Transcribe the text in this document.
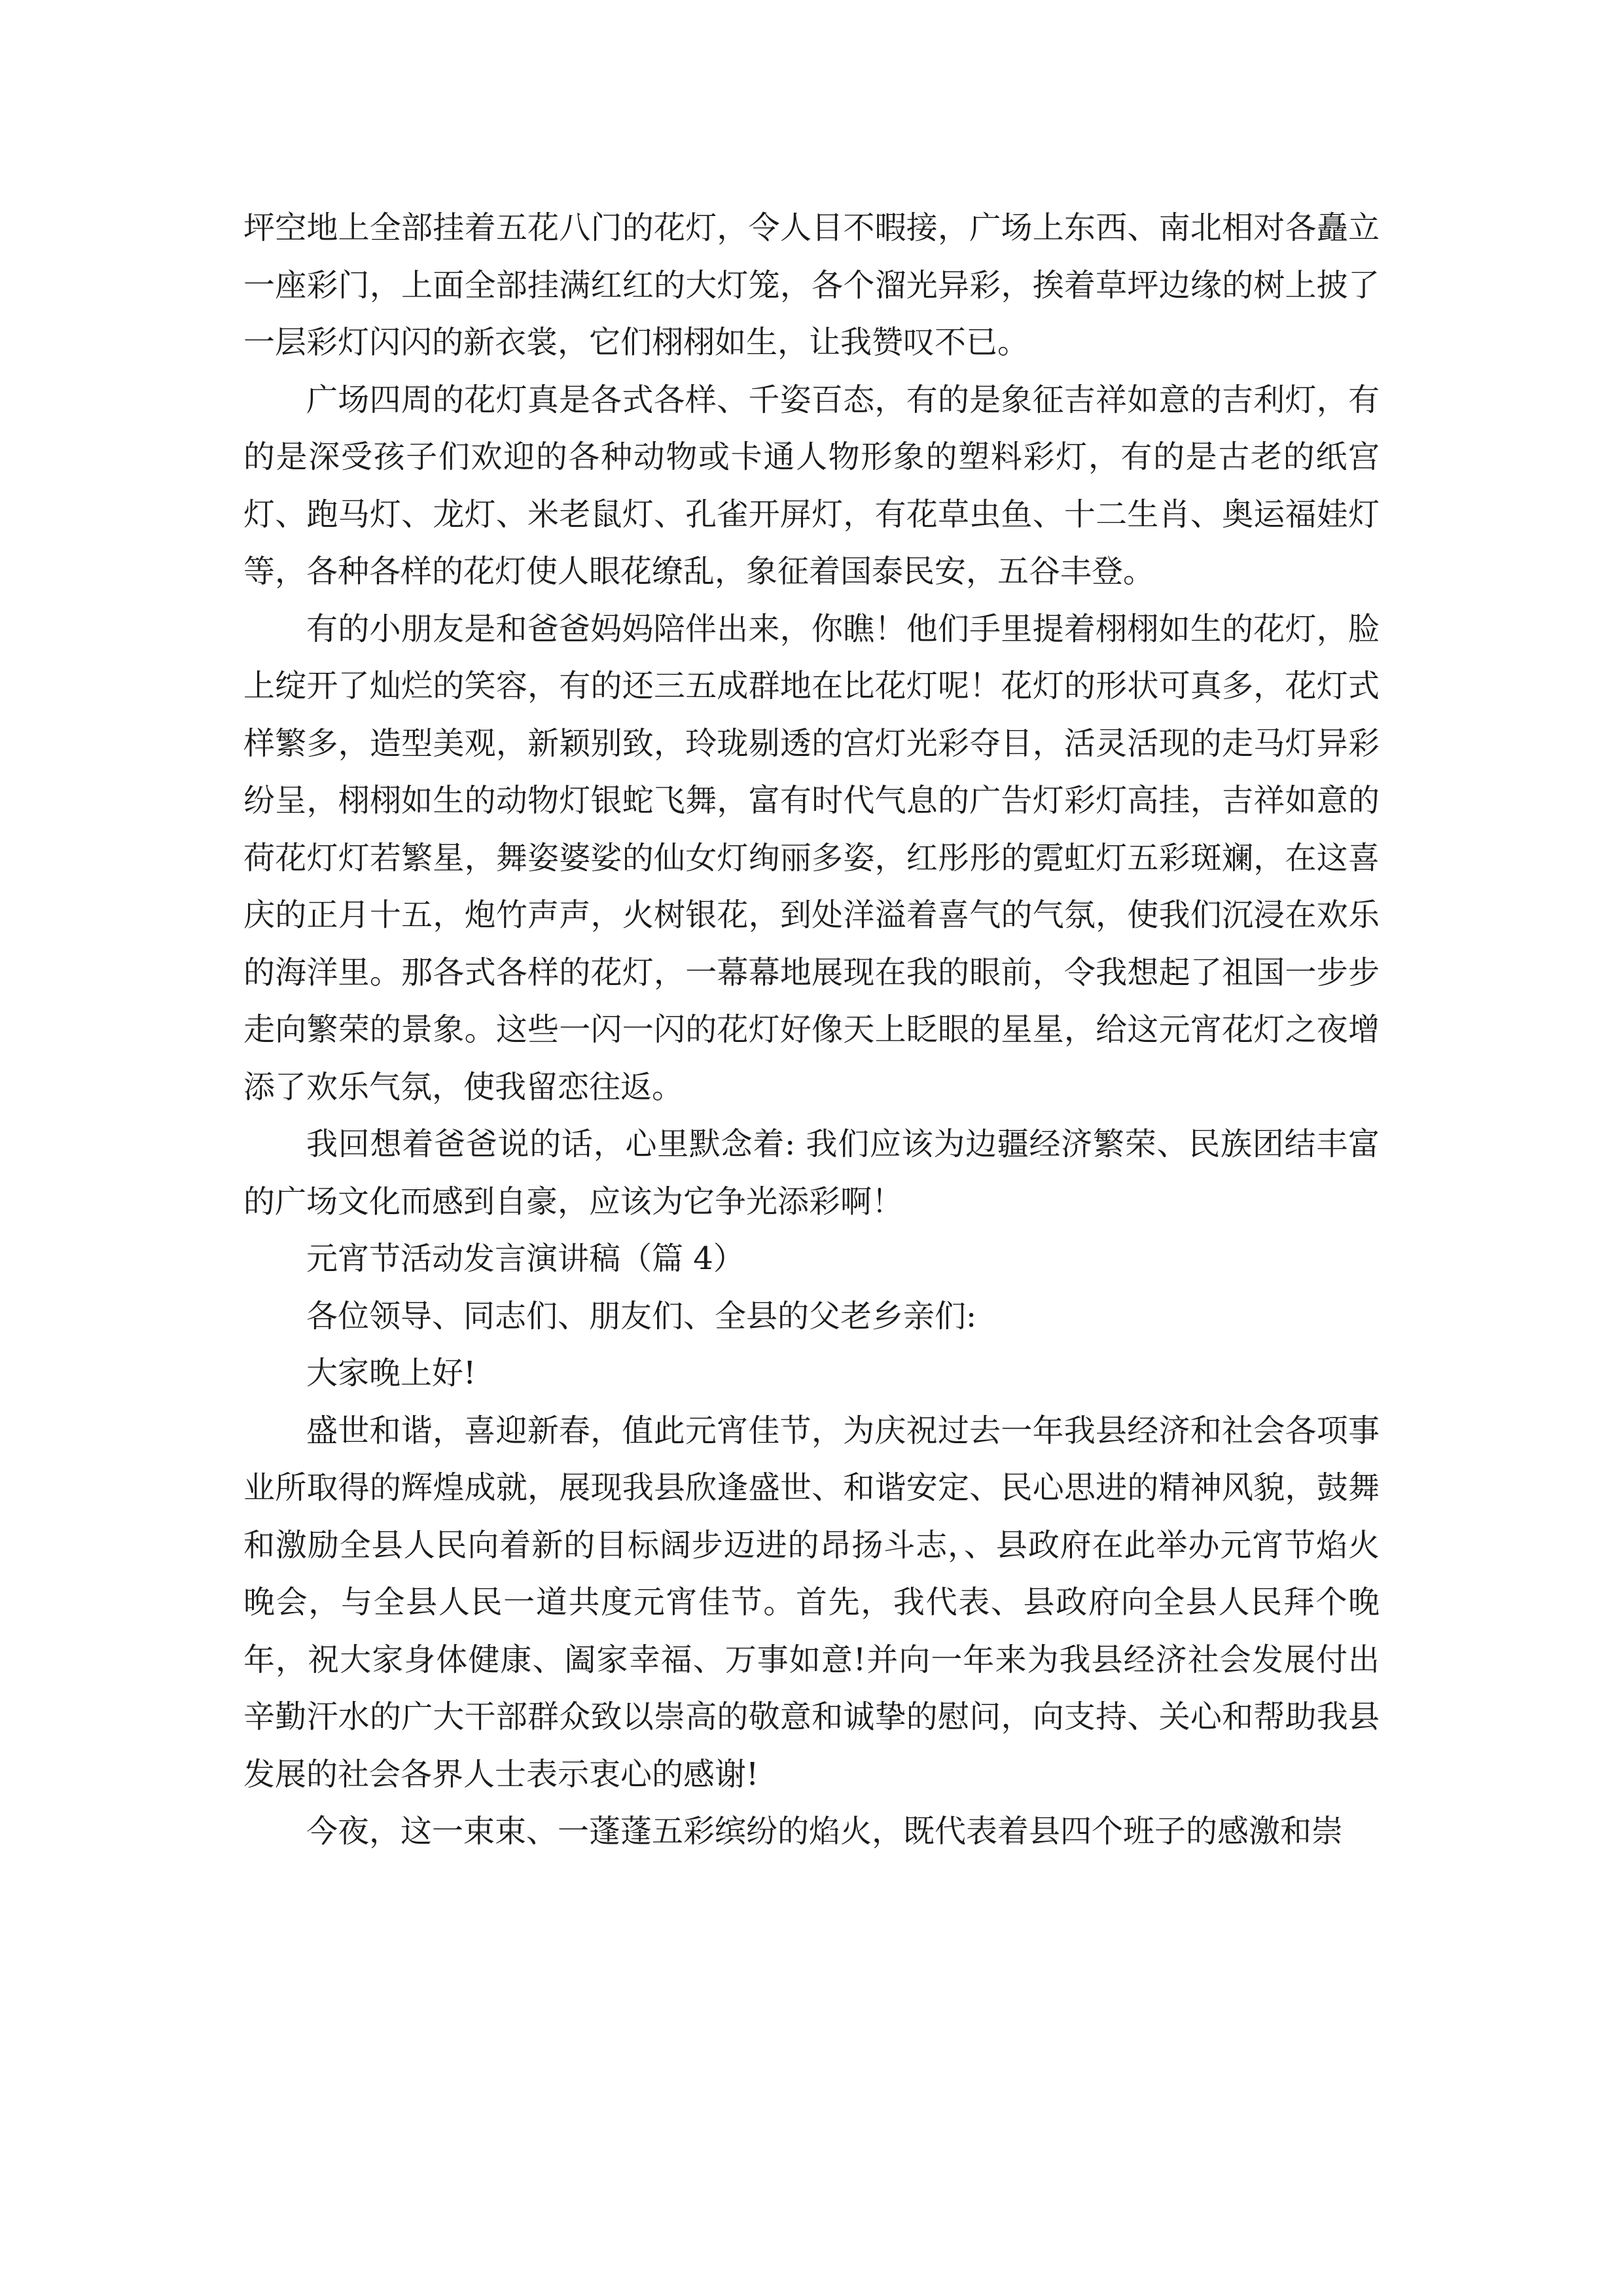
坪空地上全部挂着五花八门的花灯，令人目不暇接，广场上东西、南北相对各矗立一座彩门，上面全部挂满红红的大灯笼，各个溜光异彩，挨着草坪边缘的树上披了一层彩灯闪闪的新衣裳，它们栩栩如生，让我赞叹不已。

广场四周的花灯真是各式各样、千姿百态，有的是象征吉祥如意的吉利灯，有的是深受孩子们欢迎的各种动物或卡通人物形象的塑料彩灯，有的是古老的纸宫灯、跑马灯、龙灯、米老鼠灯、孔雀开屏灯，有花草虫鱼、十二生肖、奥运福娃灯等，各种各样的花灯使人眼花缭乱，象征着国泰民安，五谷丰登。

有的小朋友是和爸爸妈妈陪伴出来，你瞧！他们手里提着栩栩如生的花灯，脸上绽开了灿烂的笑容，有的还三五成群地在比花灯呢！花灯的形状可真多，花灯式样繁多，造型美观，新颖别致，玲珑剔透的宫灯光彩夺目，活灵活现的走马灯异彩纷呈，栩栩如生的动物灯银蛇飞舞，富有时代气息的广告灯彩灯高挂，吉祥如意的荷花灯灯若繁星，舞姿婆娑的仙女灯绚丽多姿，红彤彤的霓虹灯五彩斑斓，在这喜庆的正月十五，炮竹声声，火树银花，到处洋溢着喜气的气氛，使我们沉浸在欢乐的海洋里。那各式各样的花灯，一幕幕地展现在我的眼前，令我想起了祖国一步步走向繁荣的景象。这些一闪一闪的花灯好像天上眨眼的星星，给这元宵花灯之夜增添了欢乐气氛，使我留恋往返。

我回想着爸爸说的话，心里默念着: 我们应该为边疆经济繁荣、民族团结丰富的广场文化而感到自豪，应该为它争光添彩啊！

元宵节活动发言演讲稿（篇 4）

各位领导、同志们、朋友们、全县的父老乡亲们:

大家晚上好!

盛世和谐，喜迎新春，值此元宵佳节，为庆祝过去一年我县经济和社会各项事业所取得的辉煌成就，展现我县欣逢盛世、和谐安定、民心思进的精神风貌，鼓舞和激励全县人民向着新的目标阔步迈进的昂扬斗志，、县政府在此举办元宵节焰火晚会，与全县人民一道共度元宵佳节。首先，我代表、县政府向全县人民拜个晚年，祝大家身体健康、阖家幸福、万事如意!并向一年来为我县经济社会发展付出辛勤汗水的广大干部群众致以崇高的敬意和诚挚的慰问，向支持、关心和帮助我县发展的社会各界人士表示衷心的感谢!

今夜，这一束束、一蓬蓬五彩缤纷的焰火，既代表着县四个班子的感激和崇
